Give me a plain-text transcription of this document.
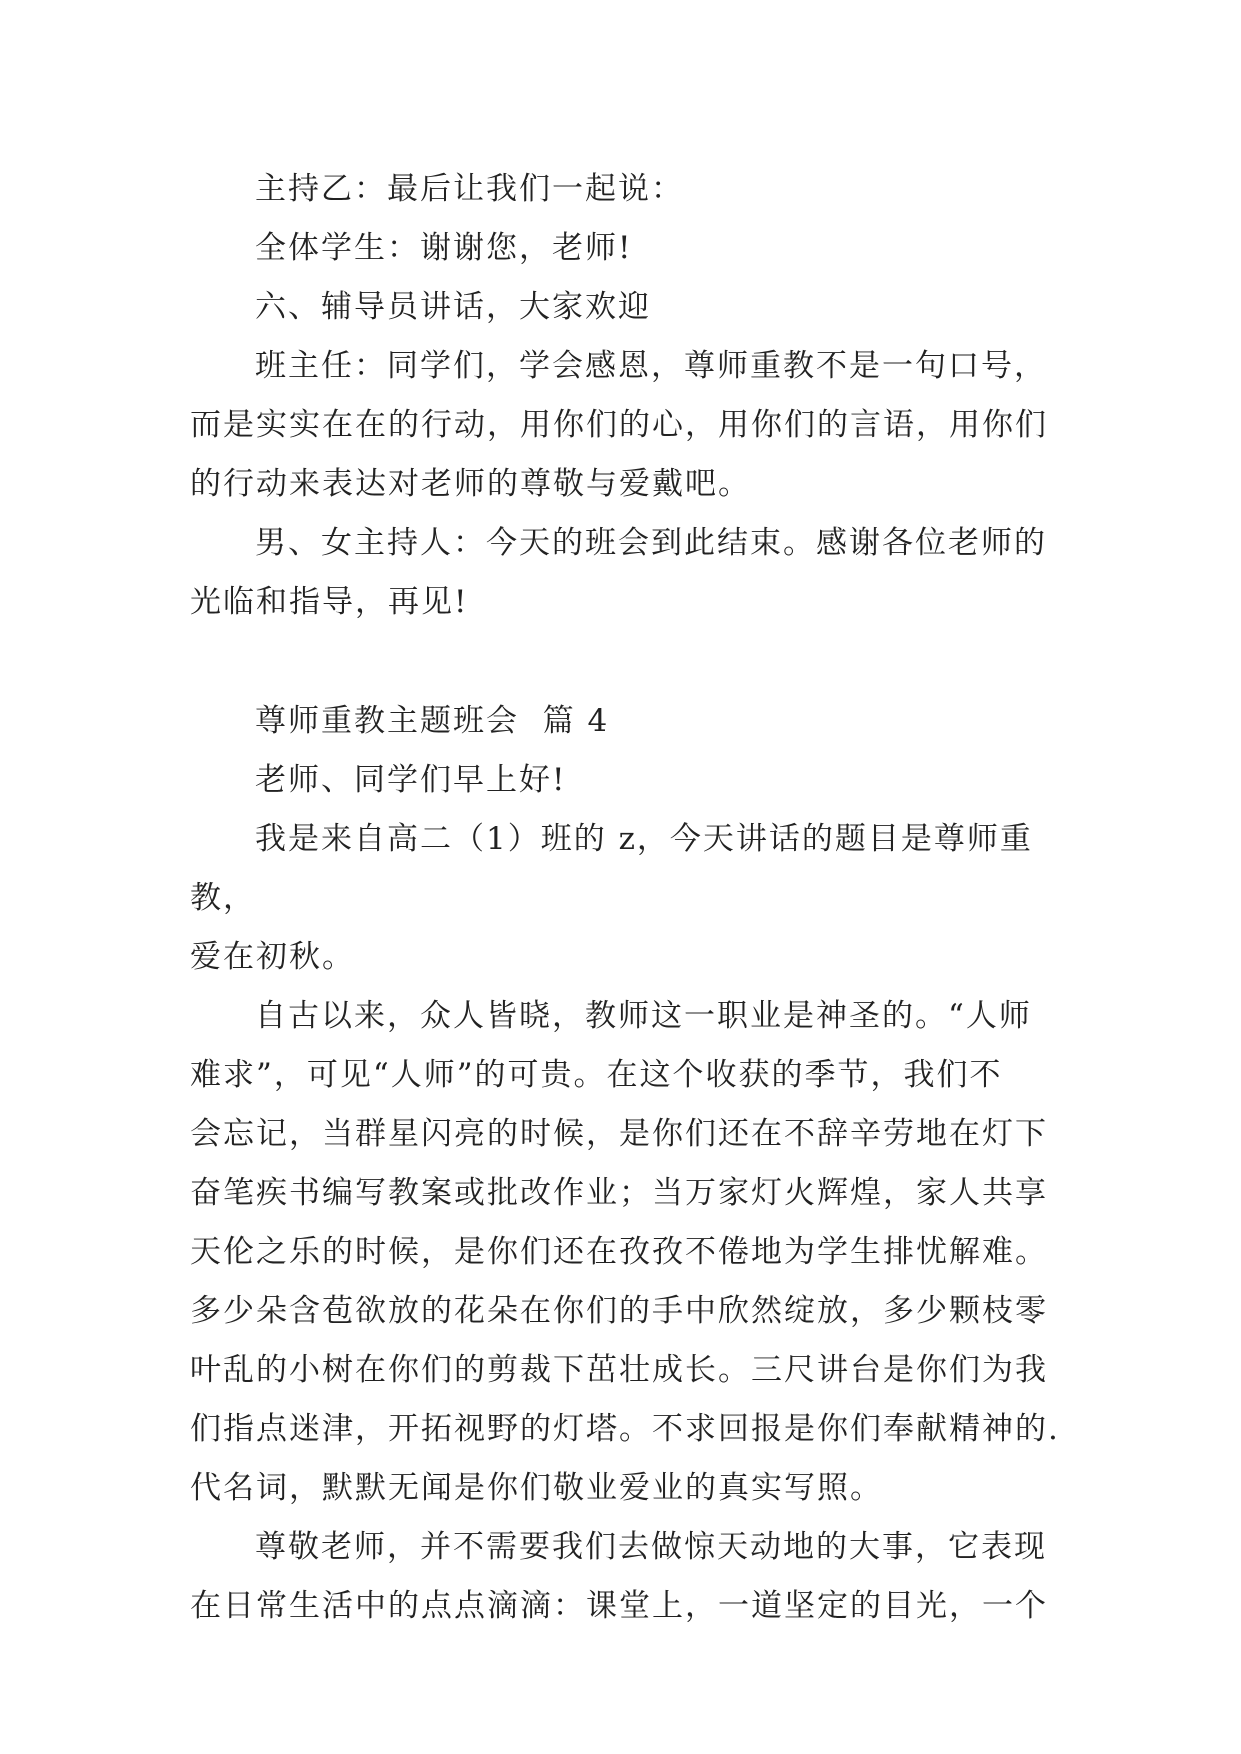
主持乙：最后让我们一起说：

全体学生：谢谢您，老师!

六、辅导员讲话，大家欢迎

班主任：同学们，学会感恩，尊师重教不是一句口号，
而是实实在在的行动，用你们的心，用你们的言语，用你们
的行动来表达对老师的尊敬与爱戴吧。

男、女主持人：今天的班会到此结束。感谢各位老师的
光临和指导，再见!

尊师重教主题班会  篇 4

老师、同学们早上好!

我是来自高二（1）班的 z，今天讲话的题目是尊师重教，
爱在初秋。

自古以来，众人皆晓，教师这一职业是神圣的。“人师
难求”，可见“人师”的可贵。在这个收获的季节，我们不
会忘记，当群星闪亮的时候，是你们还在不辞辛劳地在灯下
奋笔疾书编写教案或批改作业；当万家灯火辉煌，家人共享
天伦之乐的时候，是你们还在孜孜不倦地为学生排忧解难。
多少朵含苞欲放的花朵在你们的手中欣然绽放，多少颗枝零
叶乱的小树在你们的剪裁下茁壮成长。三尺讲台是你们为我
们指点迷津，开拓视野的灯塔。不求回报是你们奉献精神的.
代名词，默默无闻是你们敬业爱业的真实写照。

尊敬老师，并不需要我们去做惊天动地的大事，它表现
在日常生活中的点点滴滴：课堂上，一道坚定的目光，一个
